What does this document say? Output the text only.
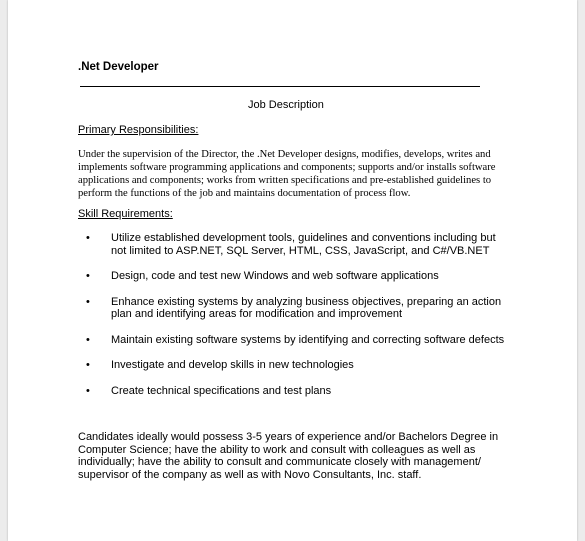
.Net Developer
Job Description
Primary Responsibilities:

Under the supervision of the Director, the .Net Developer designs, modifies, develops, writes and implements software programming applications and components; supports and/or installs software applications and components; works from written specifications and pre-established guidelines to perform the functions of the job and maintains documentation of process flow.

Skill Requirements:
• Utilize established development tools, guidelines and conventions including but not limited to ASP.NET, SQL Server, HTML, CSS, JavaScript, and C#/VB.NET
• Design, code and test new Windows and web software applications
• Enhance existing systems by analyzing business objectives, preparing an action plan and identifying areas for modification and improvement
• Maintain existing software systems by identifying and correcting software defects
• Investigate and develop skills in new technologies
• Create technical specifications and test plans

Candidates ideally would possess 3-5 years of experience and/or Bachelors Degree in Computer Science; have the ability to work and consult with colleagues as well as individually; have the ability to consult and communicate closely with management/ supervisor of the company as well as with Novo Consultants, Inc. staff.
